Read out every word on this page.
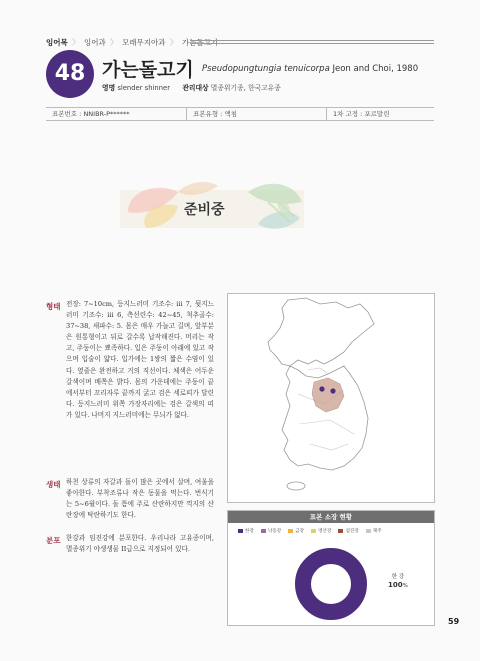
잉어목 〉 잉어과 〉 모래무지아과 〉 가는돌고기
48 가는돌고기 Pseudopungtungia tenuicorpa Jeon and Choi, 1980
영명 slender shinner 관리대상 멸종위기종, 한국고유종
표본번호 : NNIBR-P******	표본유형 : 액침	1차 고정 : 포르말린
준비중
형태 전장: 7~10cm, 등지느러미 기조수: iii 7, 뒷지느러미 기조수: iii 6, 측선린수: 42~45, 척추골수: 37~38, 새파수: 5. 몸은 매우 가늘고 길며, 앞부분은 원통형이고 뒤로 갈수록 납작해진다. 머리는 작고, 주둥이는 뾰족하다. 입은 주둥이 아래에 있고 작으며 입술이 얇다. 입가에는 1쌍의 짧은 수염이 있다. 옆줄은 완전하고 거의 직선이다. 체색은 어두운 갈색이며 배쪽은 밝다. 몸의 가운데에는 주둥이 끝에서부터 꼬리자루 끝까지 굵고 검은 세로띠가 달린다. 등지느러미 위쪽 가장자리에는 검은 갈색의 띠가 있다. 나머지 지느러미에는 무늬가 없다.
생태 하천 상류의 자갈과 돌이 많은 곳에서 살며, 여울을 좋아한다. 부착조류나 작은 동물을 먹는다. 번식기는 5~6월이다. 돌 틈에 주로 산란하지만 꺽지의 산란장에 탁란하기도 한다.
분포 한강과 임진강에 분포한다. 우리나라 고유종이며, 멸종위기 야생생물 II급으로 지정되어 있다.
표본 소장 현황
한강	낙동강	금강	영산강	섬진강	제주
한 강
100%
59
